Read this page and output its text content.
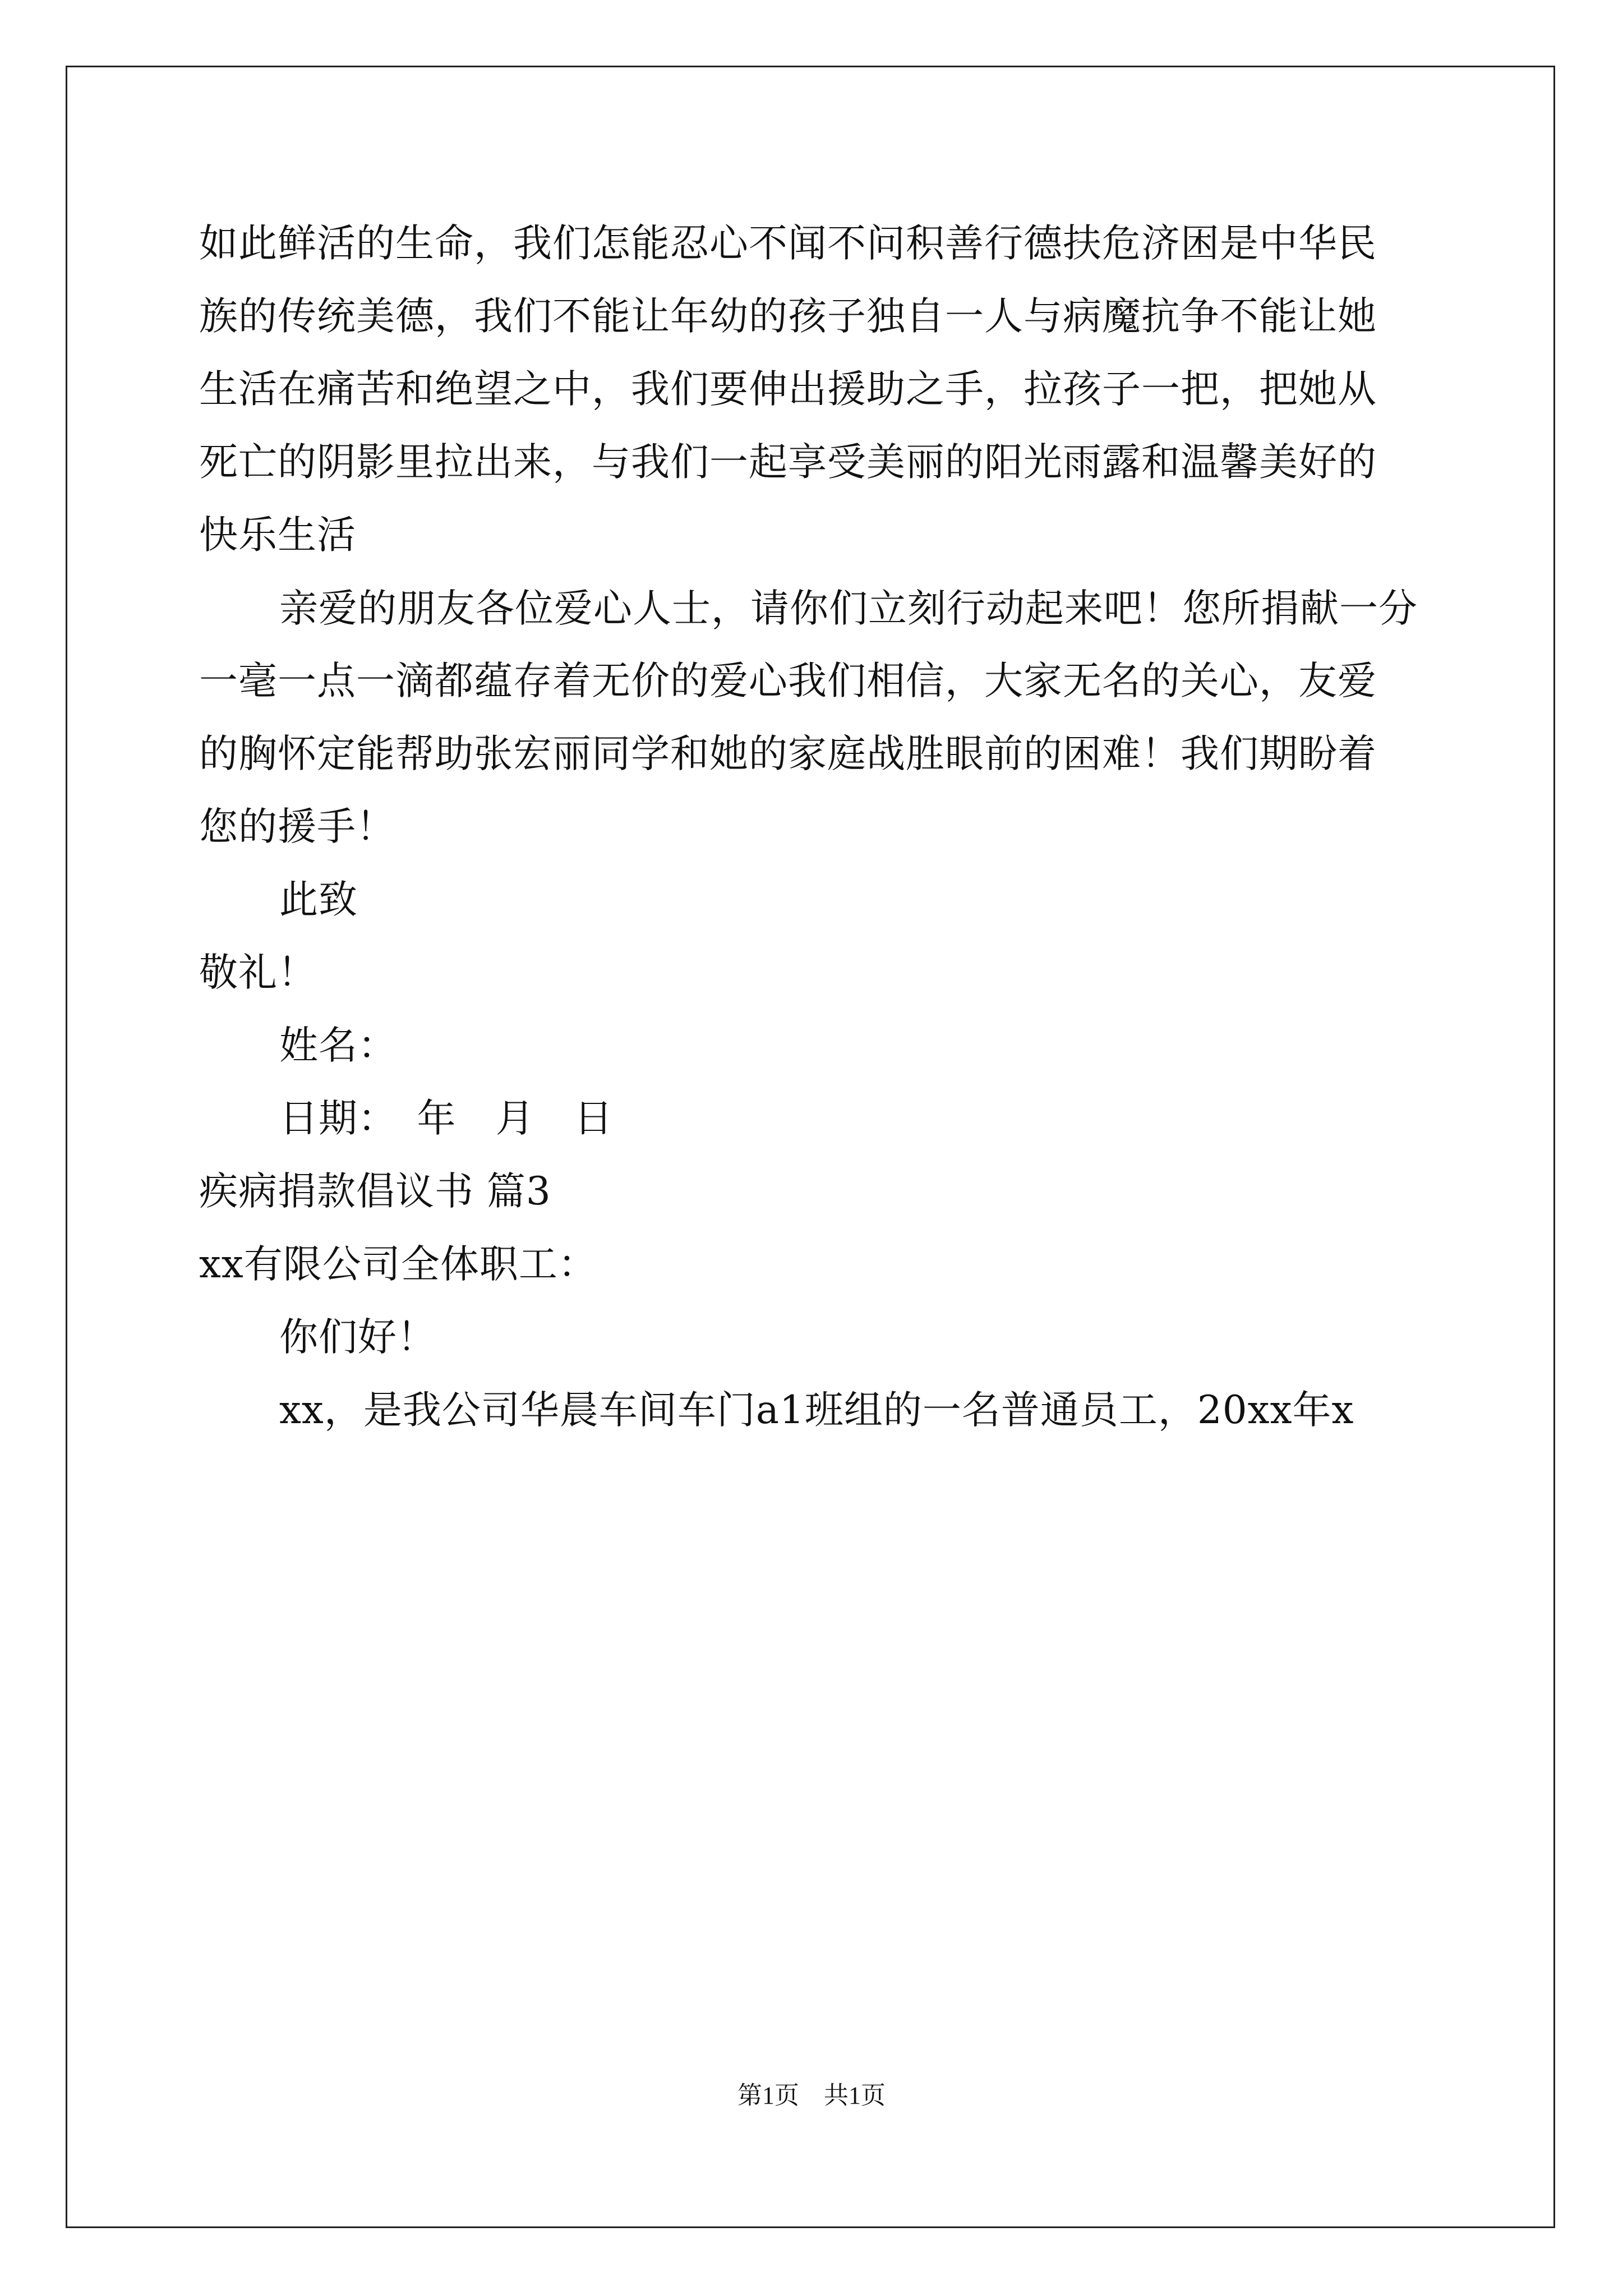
如此鲜活的生命，我们怎能忍心不闻不问积善行德扶危济困是中华民
族的传统美德，我们不能让年幼的孩子独自一人与病魔抗争不能让她
生活在痛苦和绝望之中，我们要伸出援助之手，拉孩子一把，把她从
死亡的阴影里拉出来，与我们一起享受美丽的阳光雨露和温馨美好的
快乐生活
亲爱的朋友各位爱心人士，请你们立刻行动起来吧！您所捐献一分
一毫一点一滴都蕴存着无价的爱心我们相信，大家无名的关心，友爱
的胸怀定能帮助张宏丽同学和她的家庭战胜眼前的困难！我们期盼着
您的援手！
此致
敬礼！
姓名：
日期：　年　月　日
疾病捐款倡议书 篇3
xx有限公司全体职工：
你们好！
xx，是我公司华晨车间车门a1班组的一名普通员工，20xx年x
第1页　共1页
